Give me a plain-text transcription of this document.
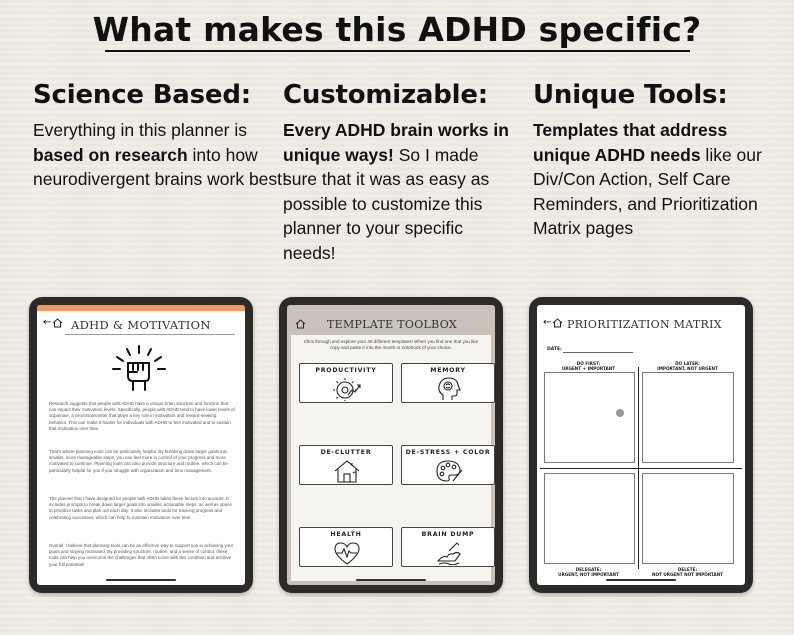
What makes this ADHD specific?
Science Based:

Everything in this planner is based on research into how neurodivergent brains work best!

Customizable:

Every ADHD brain works in unique ways! So I made sure that it was as easy as possible to customize this planner to your specific needs!

Unique Tools:

Templates that address unique ADHD needs like our Div/Con Action, Self Care Reminders, and Prioritization Matrix pages

← ADHD & MOTIVATION
Research suggests that people with ADHD have a unique brain structure and function that can impact their motivation levels. Specifically, people with ADHD tend to have lower levels of dopamine, a neurotransmitter that plays a key role in motivation and reward-seeking behavior. This can make it harder for individuals with ADHD to feel motivated and to sustain that motivation over time.
That's where planning tools can be particularly helpful. By breaking down larger goals into smaller, more manageable steps, you can feel more in control of your progress and more motivated to continue. Planning tools can also provide structure and routine, which can be particularly helpful for you if you struggle with organization and time management.
The planner that I have designed for people with ADHD takes these factors into account. It includes prompts to break down larger goals into smaller, actionable steps, as well as space to prioritize tasks and plan out each day. It also includes tools for tracking progress and celebrating successes, which can help to maintain motivation over time.
Overall, I believe that planning tools can be an effective way to support you in achieving your goals and staying motivated. By providing structure, routine, and a sense of control, these tools can help you overcome the challenges that often come with this condition and achieve your full potential!
TEMPLATE TOOLBOX
Click through and explore your 48 different templates! When you find one that you like copy and paste it into the month or notebook of your choice.
PRODUCTIVITY	MEMORY
DE-CLUTTER	DE-STRESS + COLOR
HEALTH	BRAIN DUMP
← PRIORITIZATION MATRIX
DATE:
DO FIRST:
URGENT + IMPORTANT
DO LATER:
IMPORTANT, NOT URGENT
DELEGATE:
URGENT, NOT IMPORTANT
DELETE:
NOT URGENT NOT IMPORTANT
